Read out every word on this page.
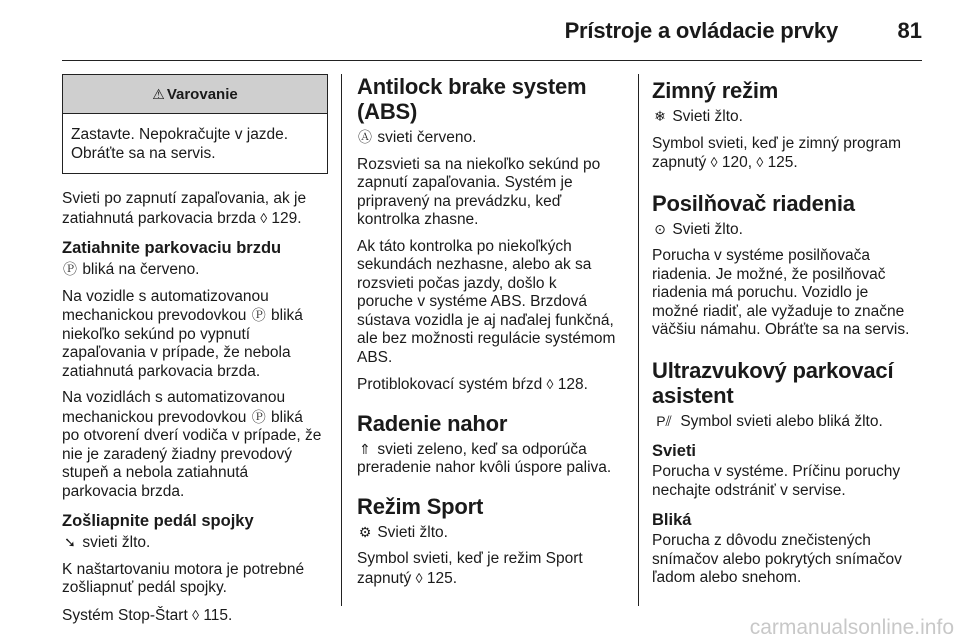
Prístroje a ovládacie prvky	81
⚠ Varovanie
Zastavte. Nepokračujte v jazde.
Obráťte sa na servis.

Svieti po zapnutí zapaľovania, ak je
zatiahnutá parkovacia brzda ◊ 129.

Zatiahnite parkovaciu brzdu

Ⓟ bliká na červeno.

Na vozidle s automatizovanou
mechanickou prevodovkou Ⓟ bliká
niekoľko sekúnd po vypnutí
zapaľovania v prípade, že nebola
zatiahnutá parkovacia brzda.

Na vozidlách s automatizovanou
mechanickou prevodovkou Ⓟ bliká
po otvorení dverí vodiča v prípade, že
nie je zaradený žiadny prevodový
stupeň a nebola zatiahnutá
parkovacia brzda.

Zošliapnite pedál spojky

➘ svieti žlto.

K naštartovaniu motora je potrebné
zošliapnuť pedál spojky.

Systém Stop-Štart ◊ 115.

Antilock brake system
(ABS)

Ⓐ svieti červeno.

Rozsvieti sa na niekoľko sekúnd po
zapnutí zapaľovania. Systém je
pripravený na prevádzku, keď
kontrolka zhasne.

Ak táto kontrolka po niekoľkých
sekundách nezhasne, alebo ak sa
rozsvieti počas jazdy, došlo k
poruche v systéme ABS. Brzdová
sústava vozidla je aj naďalej funkčná,
ale bez možnosti regulácie systémom
ABS.

Protiblokovací systém bŕzd ◊ 128.

Radenie nahor

⇑ svieti zeleno, keď sa odporúča
preradenie nahor kvôli úspore paliva.

Režim Sport

⚙ Svieti žlto.

Symbol svieti, keď je režim Sport
zapnutý ◊ 125.

Zimný režim

❄ Svieti žlto.

Symbol svieti, keď je zimný program
zapnutý ◊ 120, ◊ 125.

Posilňovač riadenia

⊙ Svieti žlto.

Porucha v systéme posilňovača
riadenia. Je možné, že posilňovač
riadenia má poruchu. Vozidlo je
možné riadiť, ale vyžaduje to značne
väčšiu námahu. Obráťte sa na servis.

Ultrazvukový parkovací
asistent

P⫽ Symbol svieti alebo bliká žlto.

Svieti

Porucha v systéme. Príčinu poruchy
nechajte odstrániť v servise.

Bliká

Porucha z dôvodu znečistených
snímačov alebo pokrytých snímačov
ľadom alebo snehom.

carmanualsonline.info
